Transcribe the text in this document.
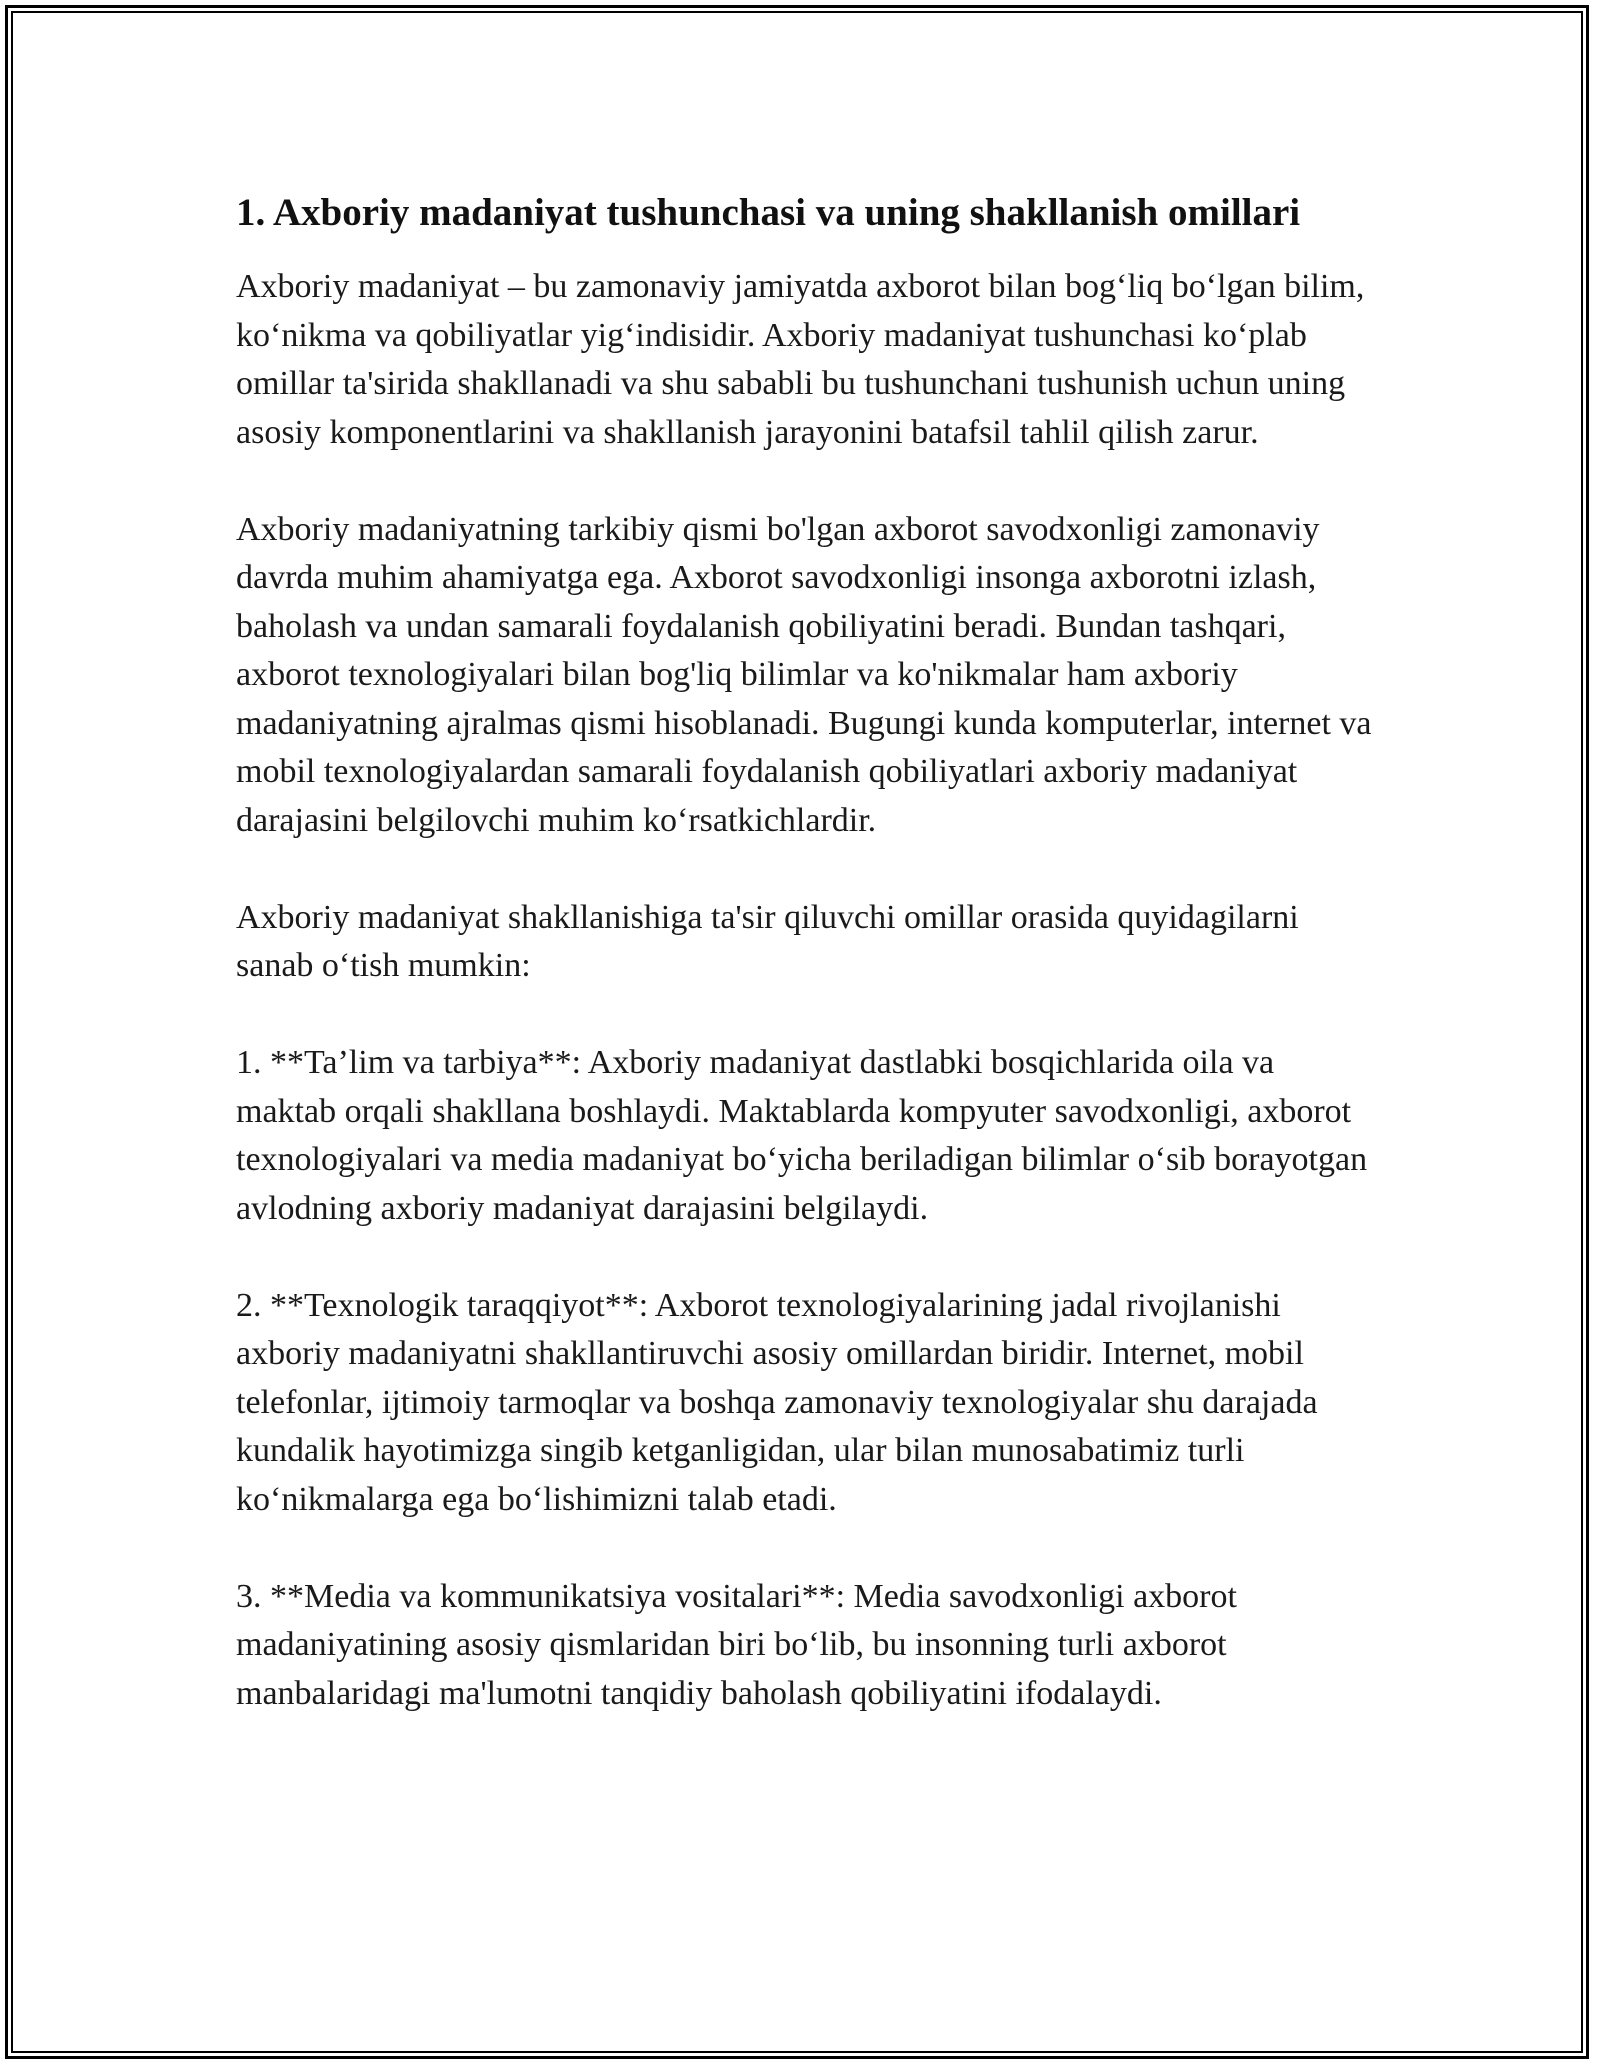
1. Axboriy madaniyat tushunchasi va uning shakllanish omillari

Axboriy madaniyat – bu zamonaviy jamiyatda axborot bilan bog‘liq bo‘lgan bilim, ko‘nikma va qobiliyatlar yig‘indisidir. Axboriy madaniyat tushunchasi ko‘plab omillar ta'sirida shakllanadi va shu sababli bu tushunchani tushunish uchun uning asosiy komponentlarini va shakllanish jarayonini batafsil tahlil qilish zarur.

Axboriy madaniyatning tarkibiy qismi bo'lgan axborot savodxonligi zamonaviy davrda muhim ahamiyatga ega. Axborot savodxonligi insonga axborotni izlash, baholash va undan samarali foydalanish qobiliyatini beradi. Bundan tashqari, axborot texnologiyalari bilan bog'liq bilimlar va ko'nikmalar ham axboriy madaniyatning ajralmas qismi hisoblanadi. Bugungi kunda komputerlar, internet va mobil texnologiyalardan samarali foydalanish qobiliyatlari axboriy madaniyat darajasini belgilovchi muhim ko‘rsatkichlardir.

Axboriy madaniyat shakllanishiga ta'sir qiluvchi omillar orasida quyidagilarni sanab o‘tish mumkin:

1. **Ta’lim va tarbiya**: Axboriy madaniyat dastlabki bosqichlarida oila va maktab orqali shakllana boshlaydi. Maktablarda kompyuter savodxonligi, axborot texnologiyalari va media madaniyat bo‘yicha beriladigan bilimlar o‘sib borayotgan avlodning axboriy madaniyat darajasini belgilaydi.

2. **Texnologik taraqqiyot**: Axborot texnologiyalarining jadal rivojlanishi axboriy madaniyatni shakllantiruvchi asosiy omillardan biridir. Internet, mobil telefonlar, ijtimoiy tarmoqlar va boshqa zamonaviy texnologiyalar shu darajada kundalik hayotimizga singib ketganligidan, ular bilan munosabatimiz turli ko‘nikmalarga ega bo‘lishimizni talab etadi.

3. **Media va kommunikatsiya vositalari**: Media savodxonligi axborot madaniyatining asosiy qismlaridan biri bo‘lib, bu insonning turli axborot manbalaridagi ma'lumotni tanqidiy baholash qobiliyatini ifodalaydi.
